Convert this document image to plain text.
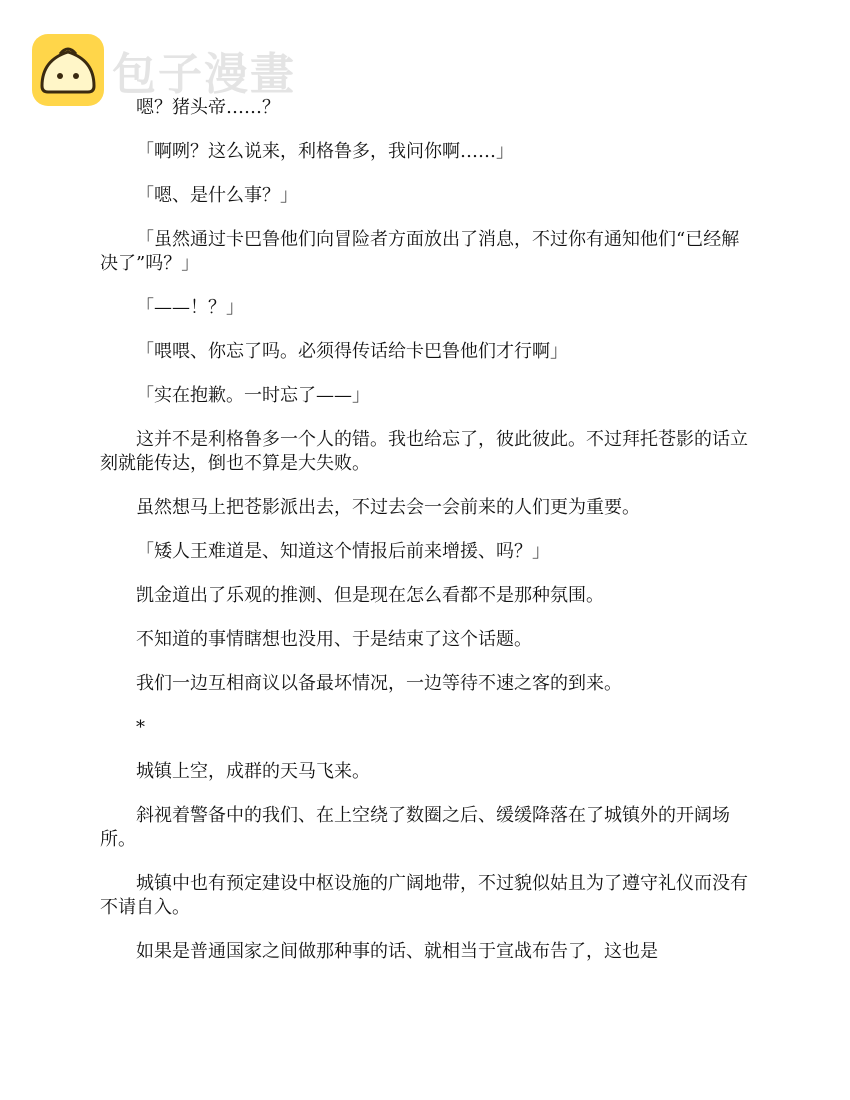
包子漫畫

嗯？猪头帝……？

「啊咧？这么说来，利格鲁多，我问你啊……」

「嗯、是什么事？」

「虽然通过卡巴鲁他们向冒险者方面放出了消息，不过你有通知他们“已经解决了”吗？」

「——！？」

「喂喂、你忘了吗。必须得传话给卡巴鲁他们才行啊」

「实在抱歉。一时忘了——」

这并不是利格鲁多一个人的错。我也给忘了，彼此彼此。不过拜托苍影的话立刻就能传达，倒也不算是大失败。

虽然想马上把苍影派出去，不过去会一会前来的人们更为重要。

「矮人王难道是、知道这个情报后前来增援、吗？」

凯金道出了乐观的推测、但是现在怎么看都不是那种氛围。

不知道的事情瞎想也没用、于是结束了这个话题。

我们一边互相商议以备最坏情况，一边等待不速之客的到来。

*

城镇上空，成群的天马飞来。

斜视着警备中的我们、在上空绕了数圈之后、缓缓降落在了城镇外的开阔场所。

城镇中也有预定建设中枢设施的广阔地带，不过貌似姑且为了遵守礼仪而没有不请自入。

如果是普通国家之间做那种事的话、就相当于宣战布告了，这也是
